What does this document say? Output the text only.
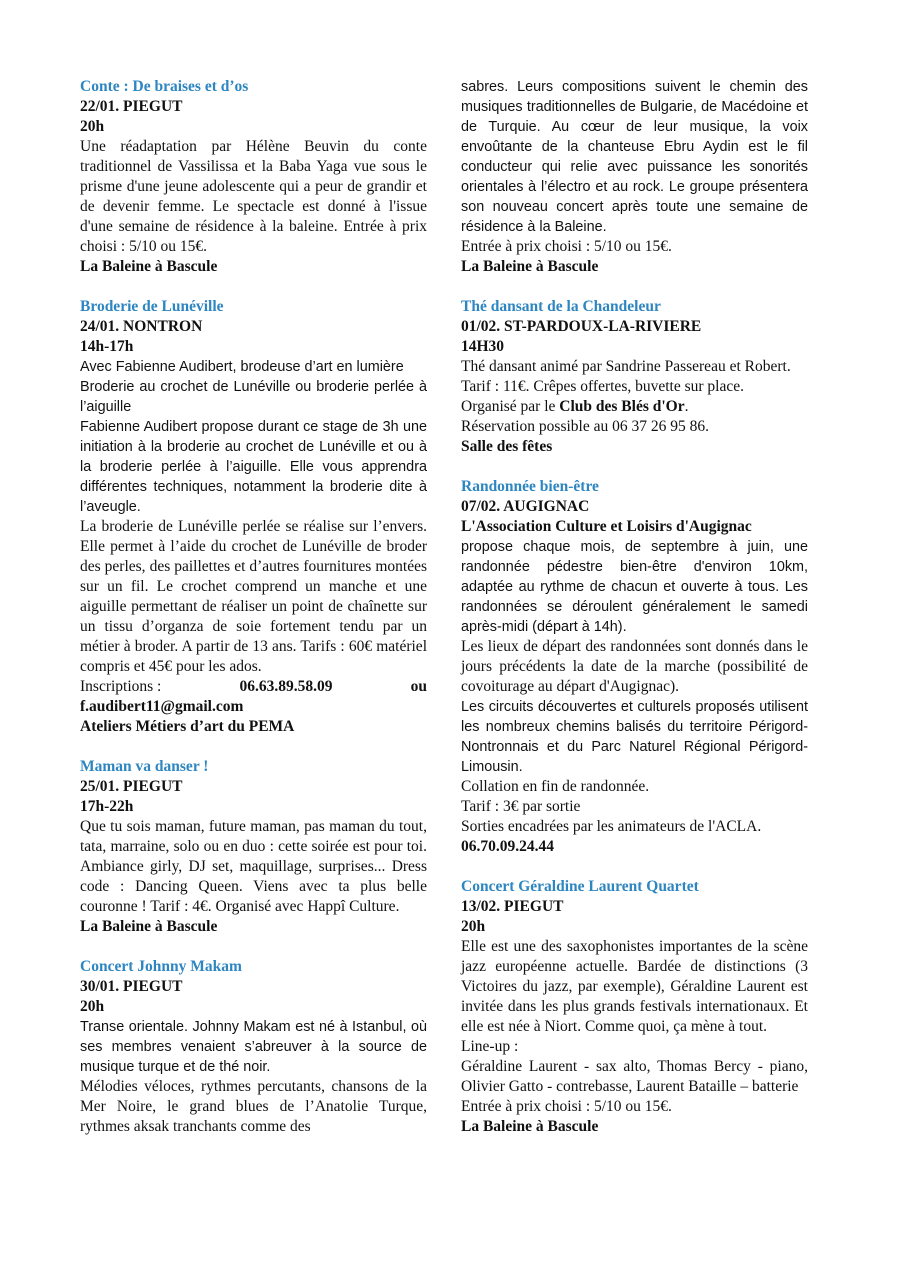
Conte : De braises et d’os

22/01. PIEGUT

20h

Une réadaptation par Hélène Beuvin du conte traditionnel de Vassilissa et la Baba Yaga vue sous le prisme d'une jeune adolescente qui a peur de grandir et de devenir femme. Le spectacle est donné à l'issue d'une semaine de résidence à la baleine. Entrée à prix choisi : 5/10 ou 15€.

La Baleine à Bascule

Broderie de Lunéville

24/01. NONTRON

14h-17h

Avec Fabienne Audibert, brodeuse d’art en lumière

Broderie au crochet de Lunéville ou broderie perlée à l’aiguille

Fabienne Audibert propose durant ce stage de 3h une initiation à la broderie au crochet de Lunéville et ou à la broderie perlée à l’aiguille. Elle vous apprendra différentes techniques, notamment la broderie dite à l’aveugle.

La broderie de Lunéville perlée se réalise sur l’envers. Elle permet à l’aide du crochet de Lunéville de broder des perles, des paillettes et d’autres fournitures montées sur un fil. Le crochet comprend un manche et une aiguille permettant de réaliser un point de chaînette sur un tissu d’organza de soie fortement tendu par un métier à broder. A partir de 13 ans. Tarifs : 60€ matériel compris et 45€ pour les ados.

Inscriptions :	06.63.89.58.09	ou

f.audibert11@gmail.com

Ateliers Métiers d’art du PEMA

Maman va danser !

25/01. PIEGUT

17h-22h

Que tu sois maman, future maman, pas maman du tout, tata, marraine, solo ou en duo : cette soirée est pour toi. Ambiance girly, DJ set, maquillage, surprises... Dress code : Dancing Queen. Viens avec ta plus belle couronne ! Tarif : 4€. Organisé avec Happî Culture.

La Baleine à Bascule

Concert Johnny Makam

30/01. PIEGUT

20h

Transe orientale. Johnny Makam est né à Istanbul, où ses membres venaient s’abreuver à la source de musique turque et de thé noir.

Mélodies véloces, rythmes percutants, chansons de la Mer Noire, le grand blues de l’Anatolie Turque, rythmes aksak tranchants comme des

sabres. Leurs compositions suivent le chemin des musiques traditionnelles de Bulgarie, de Macédoine et de Turquie. Au cœur de leur musique, la voix envoûtante de la chanteuse Ebru Aydin est le fil conducteur qui relie avec puissance les sonorités orientales à l’électro et au rock. Le groupe présentera son nouveau concert après toute une semaine de résidence à la Baleine.

Entrée à prix choisi : 5/10 ou 15€.

La Baleine à Bascule

Thé dansant de la Chandeleur

01/02. ST-PARDOUX-LA-RIVIERE

14H30

Thé dansant animé par Sandrine Passereau et Robert.

Tarif : 11€. Crêpes offertes, buvette sur place.

Organisé par le Club des Blés d'Or.

Réservation possible au 06 37 26 95 86.

Salle des fêtes

Randonnée bien-être

07/02. AUGIGNAC

L'Association Culture et Loisirs d'Augignac

propose chaque mois, de septembre à juin, une randonnée pédestre bien-être d'environ 10km, adaptée au rythme de chacun et ouverte à tous. Les randonnées se déroulent généralement le samedi après-midi (départ à 14h).

Les lieux de départ des randonnées sont donnés dans le jours précédents la date de la marche (possibilité de covoiturage au départ d'Augignac).

Les circuits découvertes et culturels proposés utilisent les nombreux chemins balisés du territoire Périgord-Nontronnais et du Parc Naturel Régional Périgord-Limousin.

Collation en fin de randonnée.

Tarif : 3€ par sortie

Sorties encadrées par les animateurs de l'ACLA.

06.70.09.24.44

Concert Géraldine Laurent Quartet

13/02. PIEGUT

20h

Elle est une des saxophonistes importantes de la scène jazz européenne actuelle. Bardée de distinctions (3 Victoires du jazz, par exemple), Géraldine Laurent est invitée dans les plus grands festivals internationaux. Et elle est née à Niort. Comme quoi, ça mène à tout.

Line-up :

Géraldine Laurent - sax alto, Thomas Bercy - piano, Olivier Gatto - contrebasse, Laurent Bataille – batterie

Entrée à prix choisi : 5/10 ou 15€.

La Baleine à Bascule
